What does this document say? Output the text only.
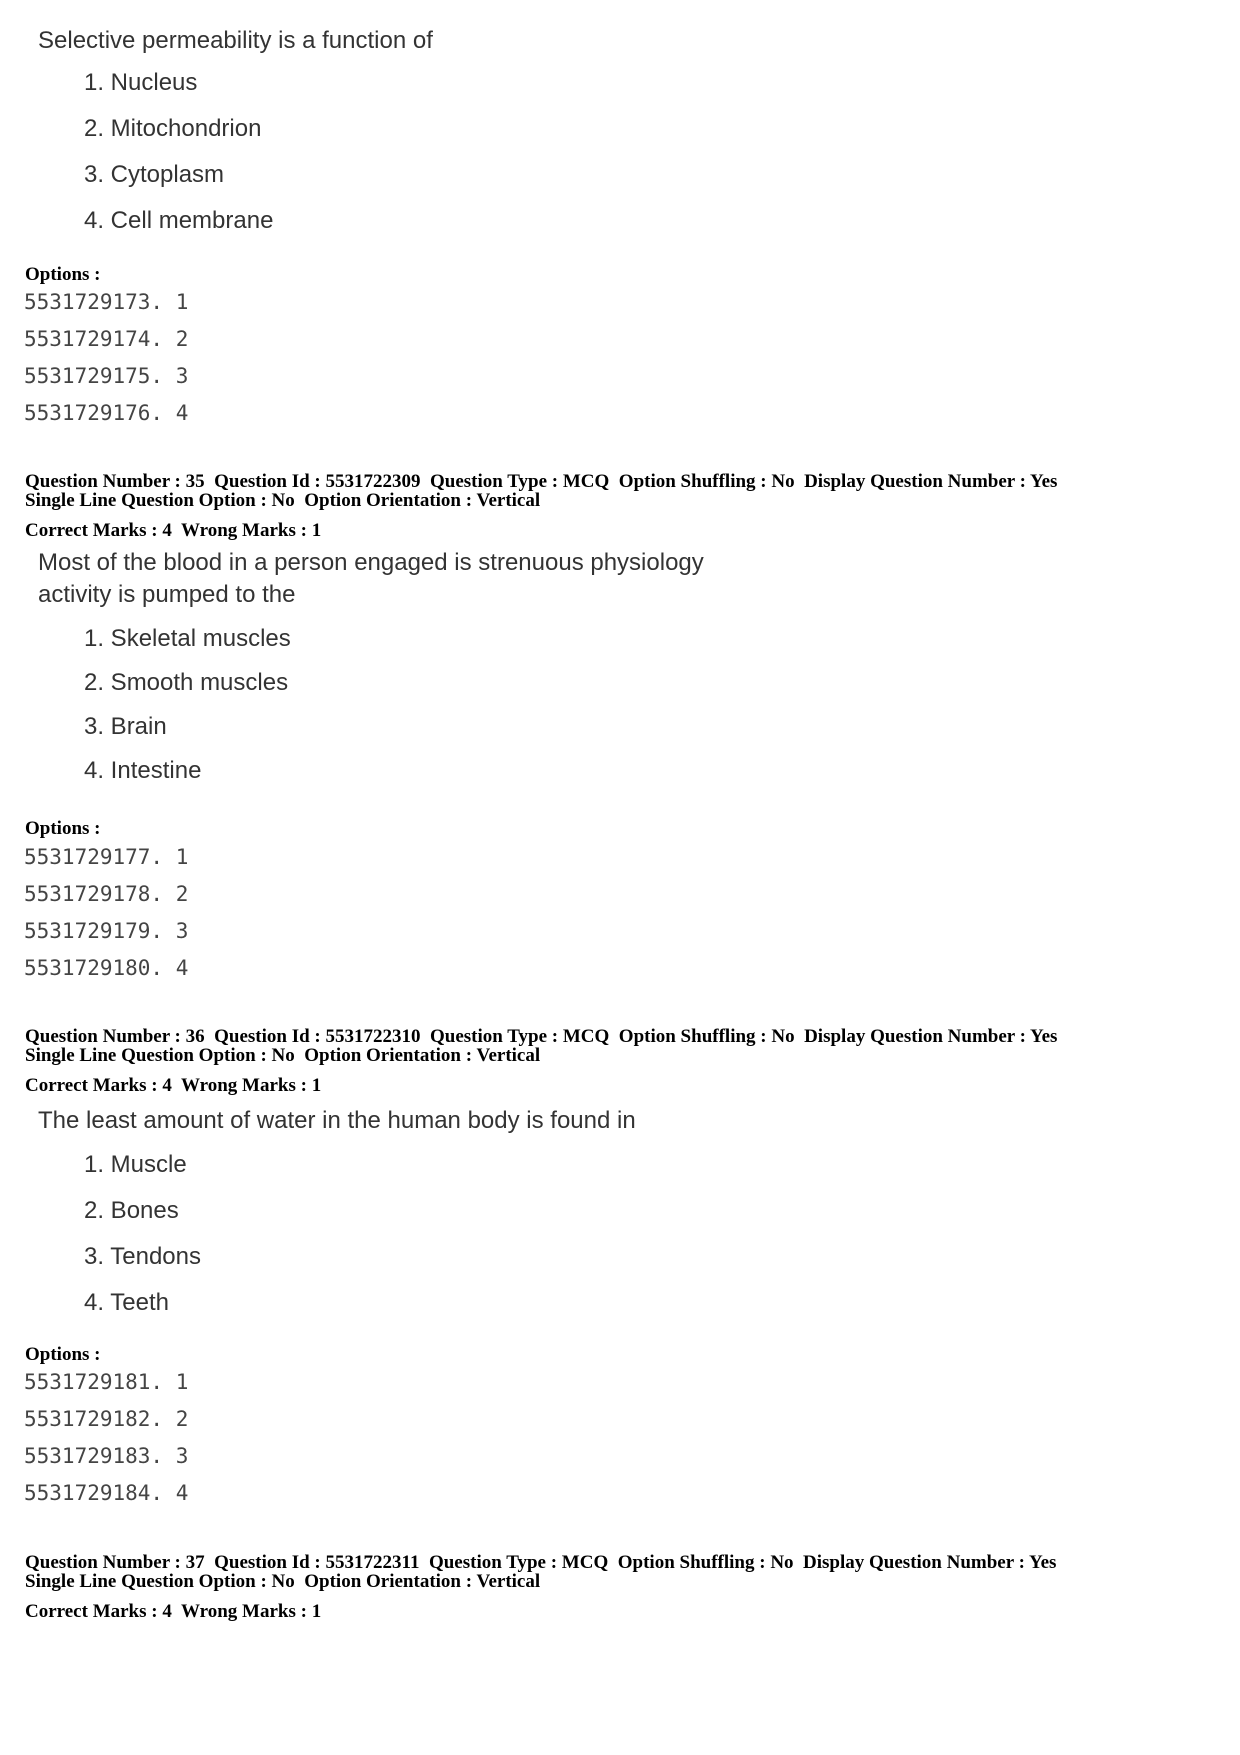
Selective permeability is a function of

1. Nucleus
2. Mitochondrion
3. Cytoplasm
4. Cell membrane
Options :
5531729173. 1
5531729174. 2
5531729175. 3
5531729176. 4
Question Number : 35  Question Id : 5531722309  Question Type : MCQ  Option Shuffling : No  Display Question Number : Yes
Single Line Question Option : No  Option Orientation : Vertical
Correct Marks : 4  Wrong Marks : 1

Most of the blood in a person engaged is strenuous physiology

activity is pumped to the

1. Skeletal muscles
2. Smooth muscles
3. Brain
4. Intestine
Options :
5531729177. 1
5531729178. 2
5531729179. 3
5531729180. 4
Question Number : 36  Question Id : 5531722310  Question Type : MCQ  Option Shuffling : No  Display Question Number : Yes
Single Line Question Option : No  Option Orientation : Vertical
Correct Marks : 4  Wrong Marks : 1

The least amount of water in the human body is found in

1. Muscle
2. Bones
3. Tendons
4. Teeth
Options :
5531729181. 1
5531729182. 2
5531729183. 3
5531729184. 4
Question Number : 37  Question Id : 5531722311  Question Type : MCQ  Option Shuffling : No  Display Question Number : Yes
Single Line Question Option : No  Option Orientation : Vertical
Correct Marks : 4  Wrong Marks : 1
